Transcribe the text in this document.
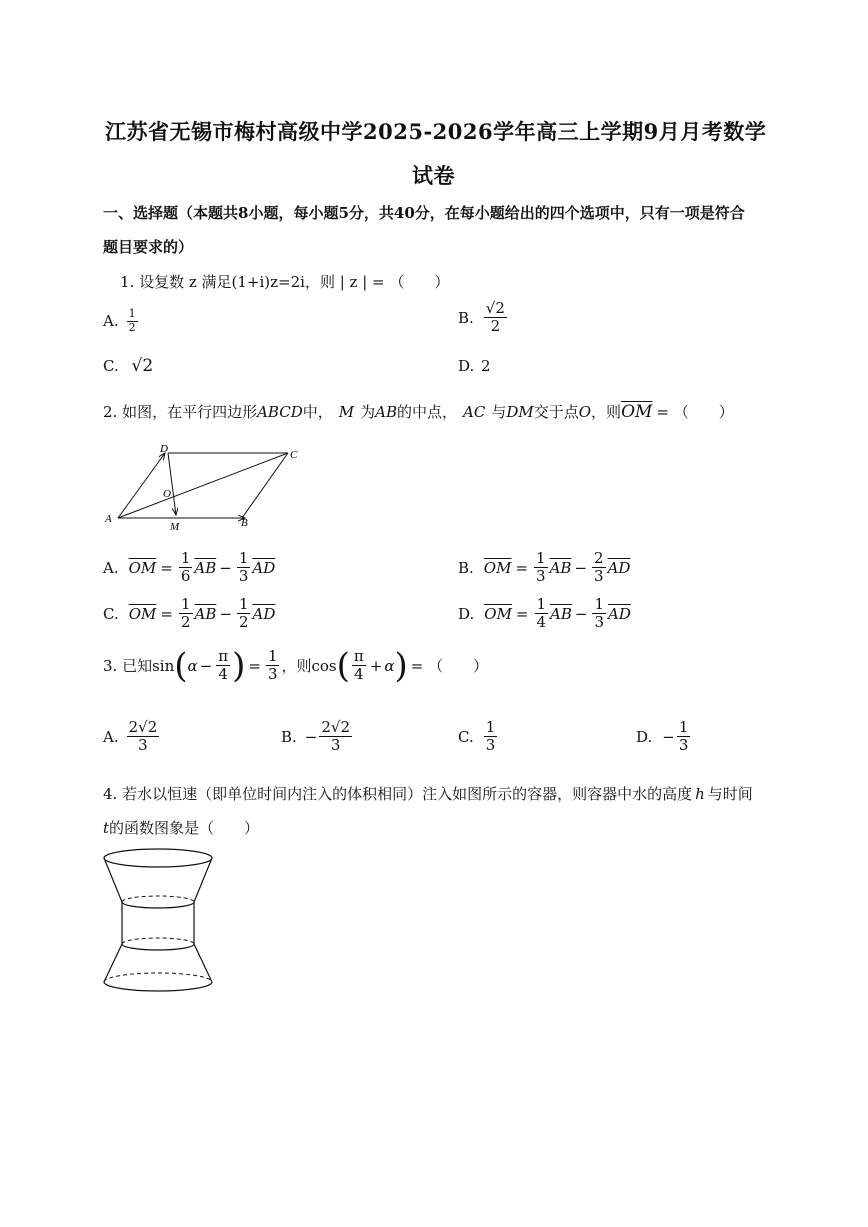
江苏省无锡市梅村高级中学2025-2026学年高三上学期9月月考数学
试卷
一、选择题（本题共8小题，每小题5分，共40分，在每小题给出的四个选项中，只有一项是符合
题目要求的）
1. 设复数 z 满足(1+i)z=2i，则 | z | = （　　）
A. $\frac{1}{2}$	B. $\frac{√2}{2}$
C. √2	D. 2
2. 如图，在平行四边形ABCD中， M 为AB的中点， AC 与DM交于点O，则$\overline{OM}$ = （　　）
A	B
C
D
M
O
A. $\overline{OM} = \frac{1}{6} \overline{AB} - \frac{1}{3} \overline{AD}$	B. $\overline{OM} = \frac{1}{3} \overline{AB} - \frac{2}{3} \overline{AD}$
C. $\overline{OM} = \frac{1}{2} \overline{AB} - \frac{1}{2} \overline{AD}$	D. $\overline{OM} = \frac{1}{4} \overline{AB} - \frac{1}{3} \overline{AD}$
3. 已知 sin ( $\alpha - \frac{\pi}{4}$ ) = $\frac{1}{3}$ ，则 cos ( $\frac{\pi}{4} + \alpha$ ) = （　　）
A. $\frac{2√2}{3}$	B. − $\frac{2√2}{3}$	C. $\frac{1}{3}$	D. − $\frac{1}{3}$
4. 若水以恒速（即单位时间内注入的体积相同）注入如图所示的容器，则容器中水的高度 h 与时间
t的函数图象是（　　）
